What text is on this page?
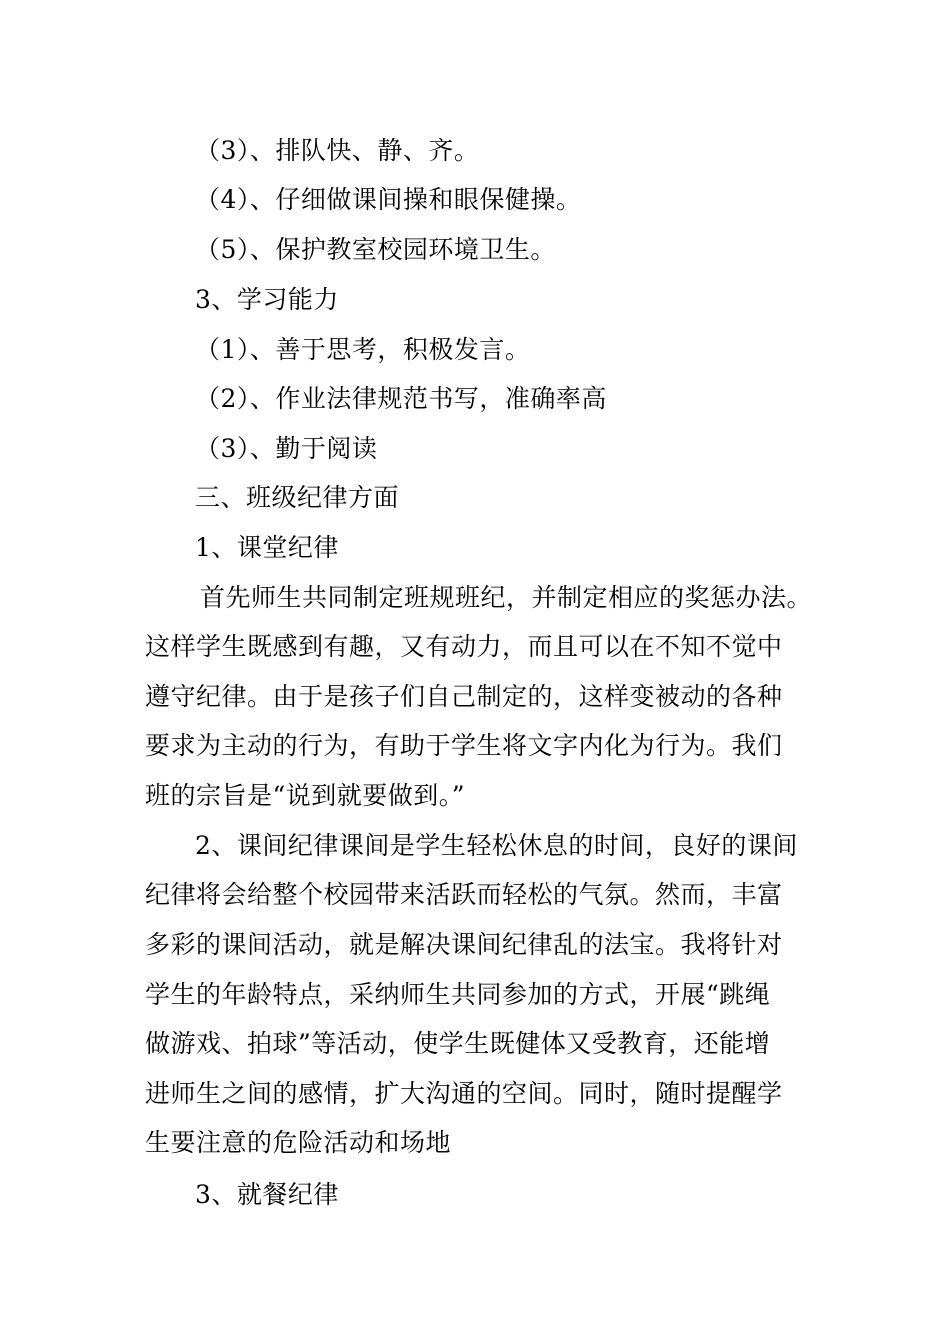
（3）、排队快、静、齐。
（4）、仔细做课间操和眼保健操。
（5）、保护教室校园环境卫生。
3、学习能力
（1）、善于思考，积极发言。
（2）、作业法律规范书写，准确率高
（3）、勤于阅读
三、班级纪律方面
1、课堂纪律
首先师生共同制定班规班纪，并制定相应的奖惩办法。
这样学生既感到有趣，又有动力，而且可以在不知不觉中
遵守纪律。由于是孩子们自己制定的，这样变被动的各种
要求为主动的行为，有助于学生将文字内化为行为。我们
班的宗旨是“说到就要做到。”
2、课间纪律课间是学生轻松休息的时间，良好的课间
纪律将会给整个校园带来活跃而轻松的气氛。然而，丰富
多彩的课间活动，就是解决课间纪律乱的法宝。我将针对
学生的年龄特点，采纳师生共同参加的方式，开展“跳绳
做游戏、拍球”等活动，使学生既健体又受教育，还能增
进师生之间的感情，扩大沟通的空间。同时，随时提醒学
生要注意的危险活动和场地
3、就餐纪律
